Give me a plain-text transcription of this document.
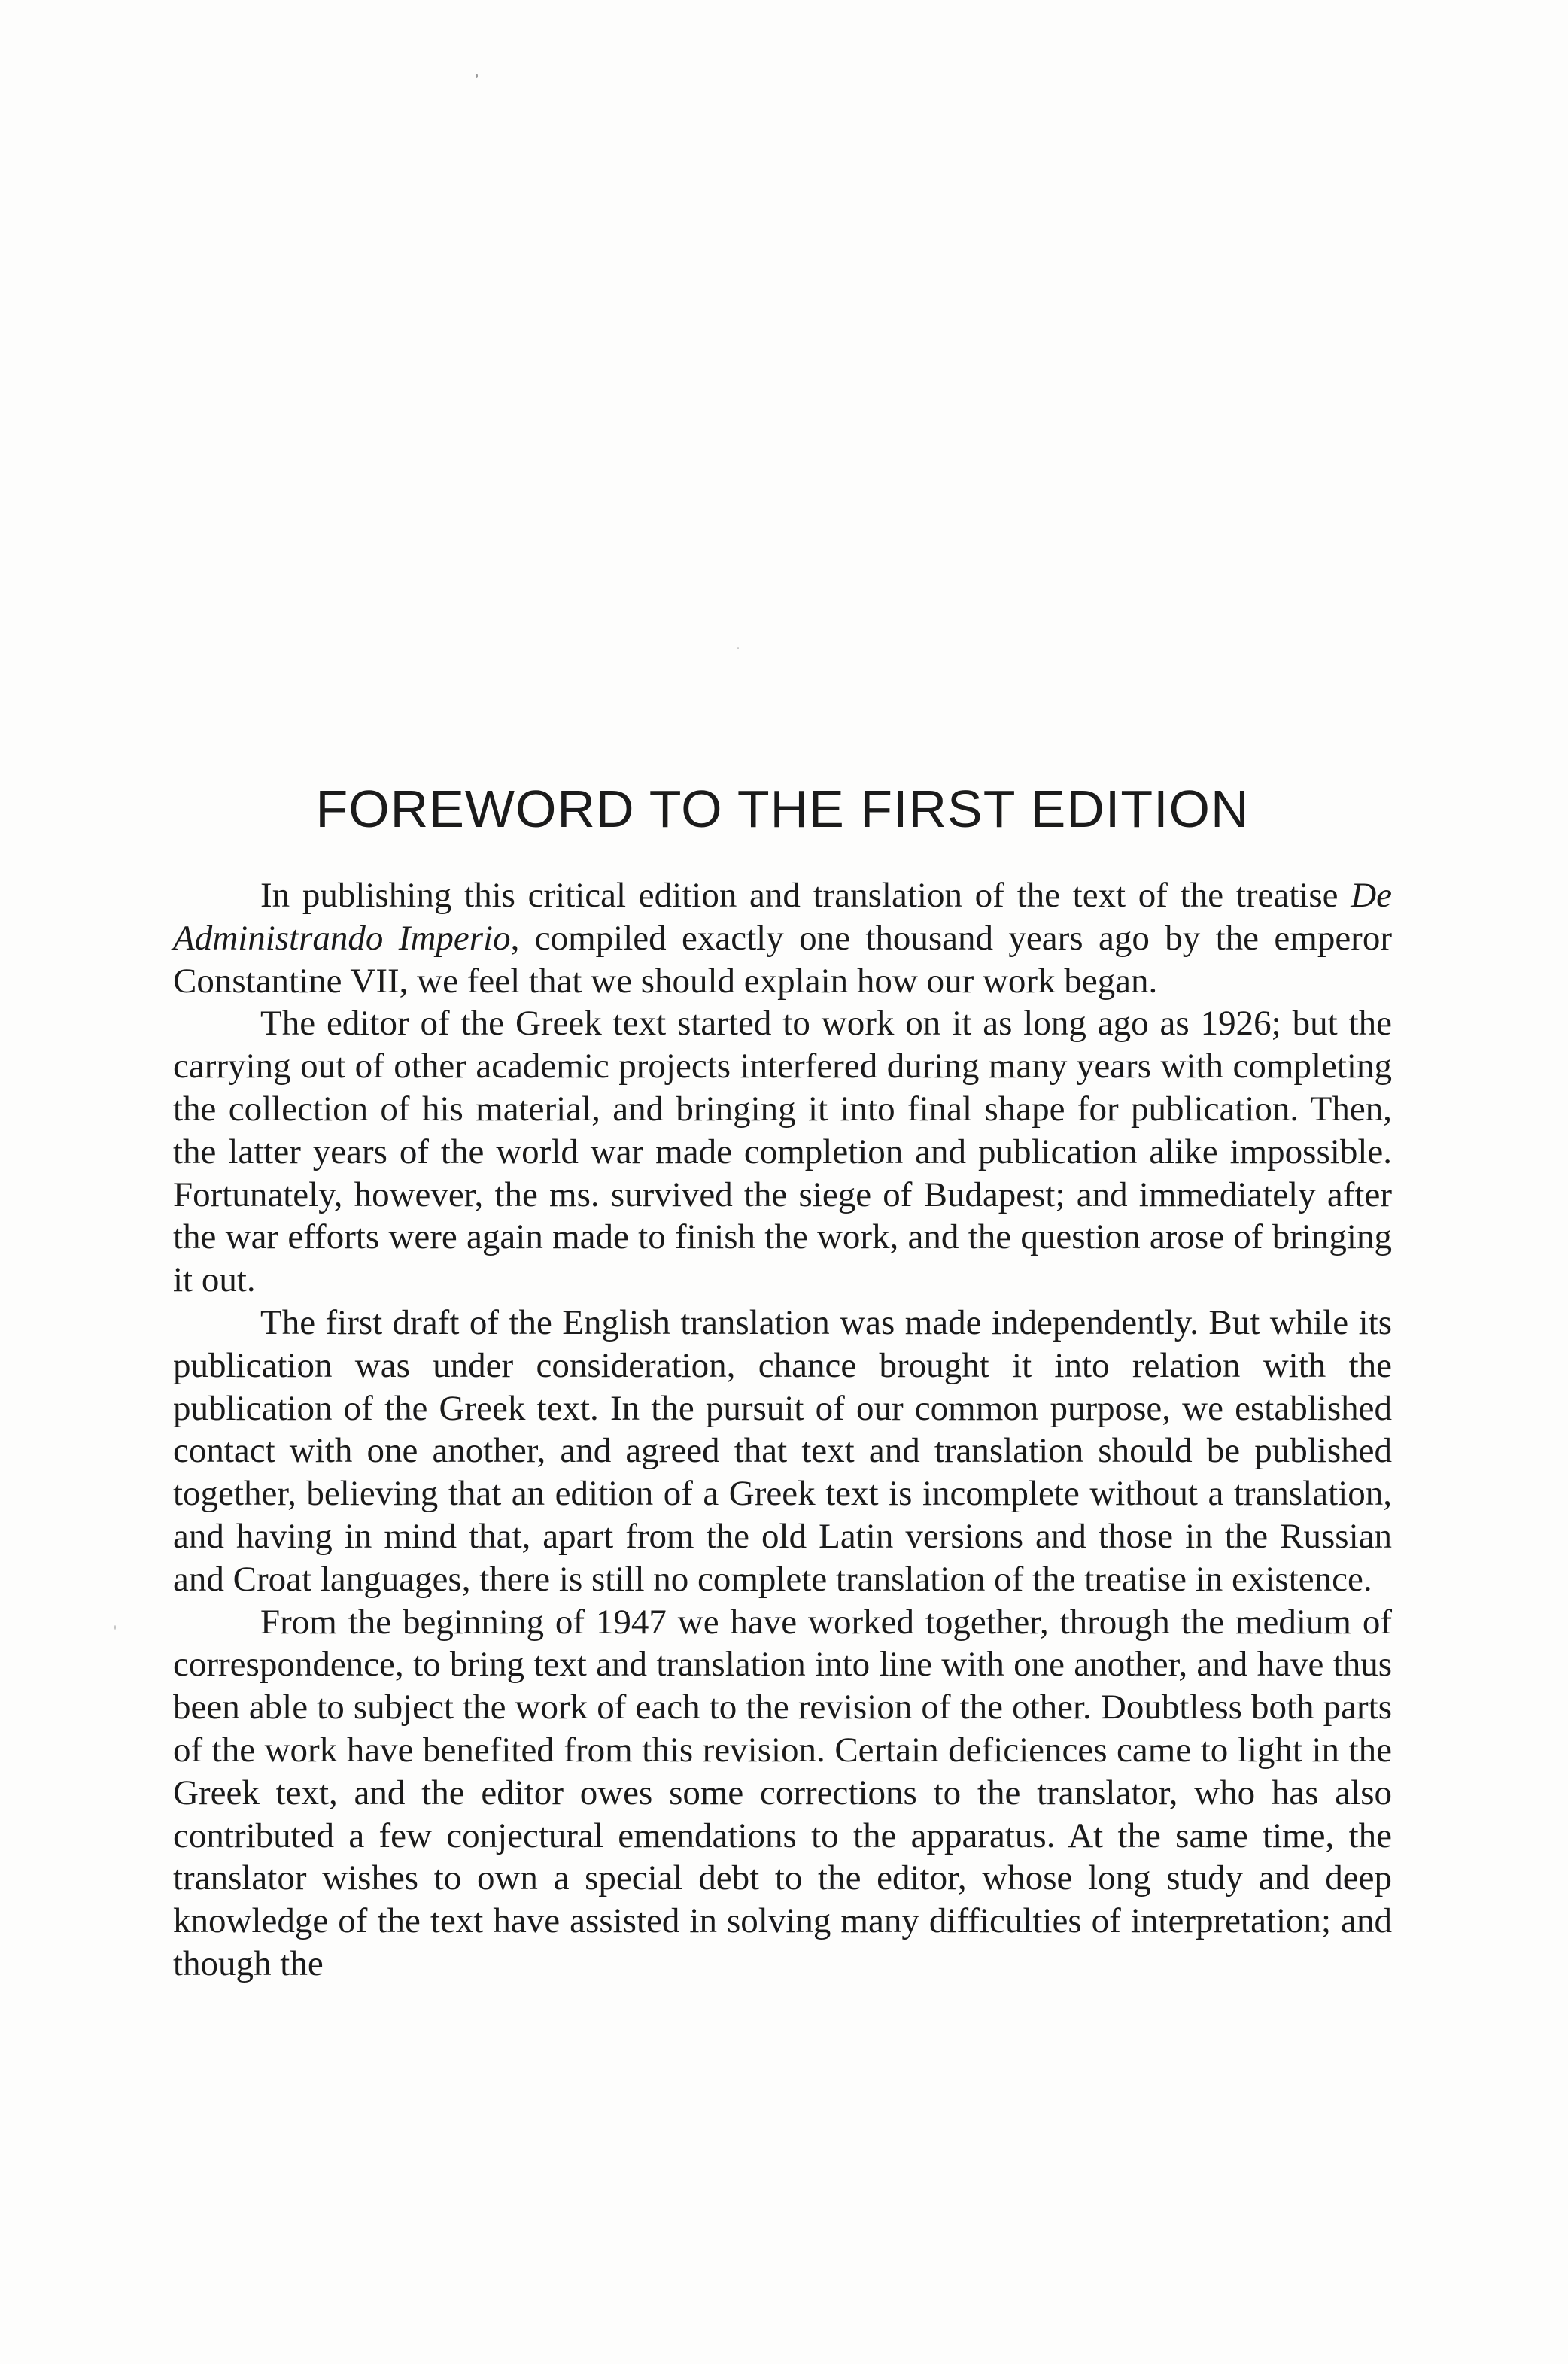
FOREWORD TO THE FIRST EDITION

In publishing this critical edition and translation of the text of the treatise De Administrando Imperio, compiled exactly one thousand years ago by the emperor Constantine VII, we feel that we should explain how our work began.

The editor of the Greek text started to work on it as long ago as 1926; but the carrying out of other academic projects interfered during many years with completing the collection of his material, and bringing it into final shape for publication. Then, the latter years of the world war made completion and publication alike impossible. Fortunately, however, the ms. survived the siege of Budapest; and immediately after the war efforts were again made to finish the work, and the question arose of bringing it out.

The first draft of the English translation was made independently. But while its publication was under consideration, chance brought it into relation with the publication of the Greek text. In the pursuit of our common purpose, we established contact with one another, and agreed that text and translation should be published together, believing that an edition of a Greek text is incomplete without a translation, and having in mind that, apart from the old Latin versions and those in the Russian and Croat languages, there is still no complete translation of the treatise in existence.

From the beginning of 1947 we have worked together, through the medium of correspondence, to bring text and translation into line with one another, and have thus been able to subject the work of each to the revision of the other. Doubtless both parts of the work have benefited from this revision. Certain deficiences came to light in the Greek text, and the editor owes some corrections to the translator, who has also contributed a few conjectural emendations to the apparatus. At the same time, the translator wishes to own a special debt to the editor, whose long study and deep knowledge of the text have assisted in solving many difficulties of interpretation; and though the
